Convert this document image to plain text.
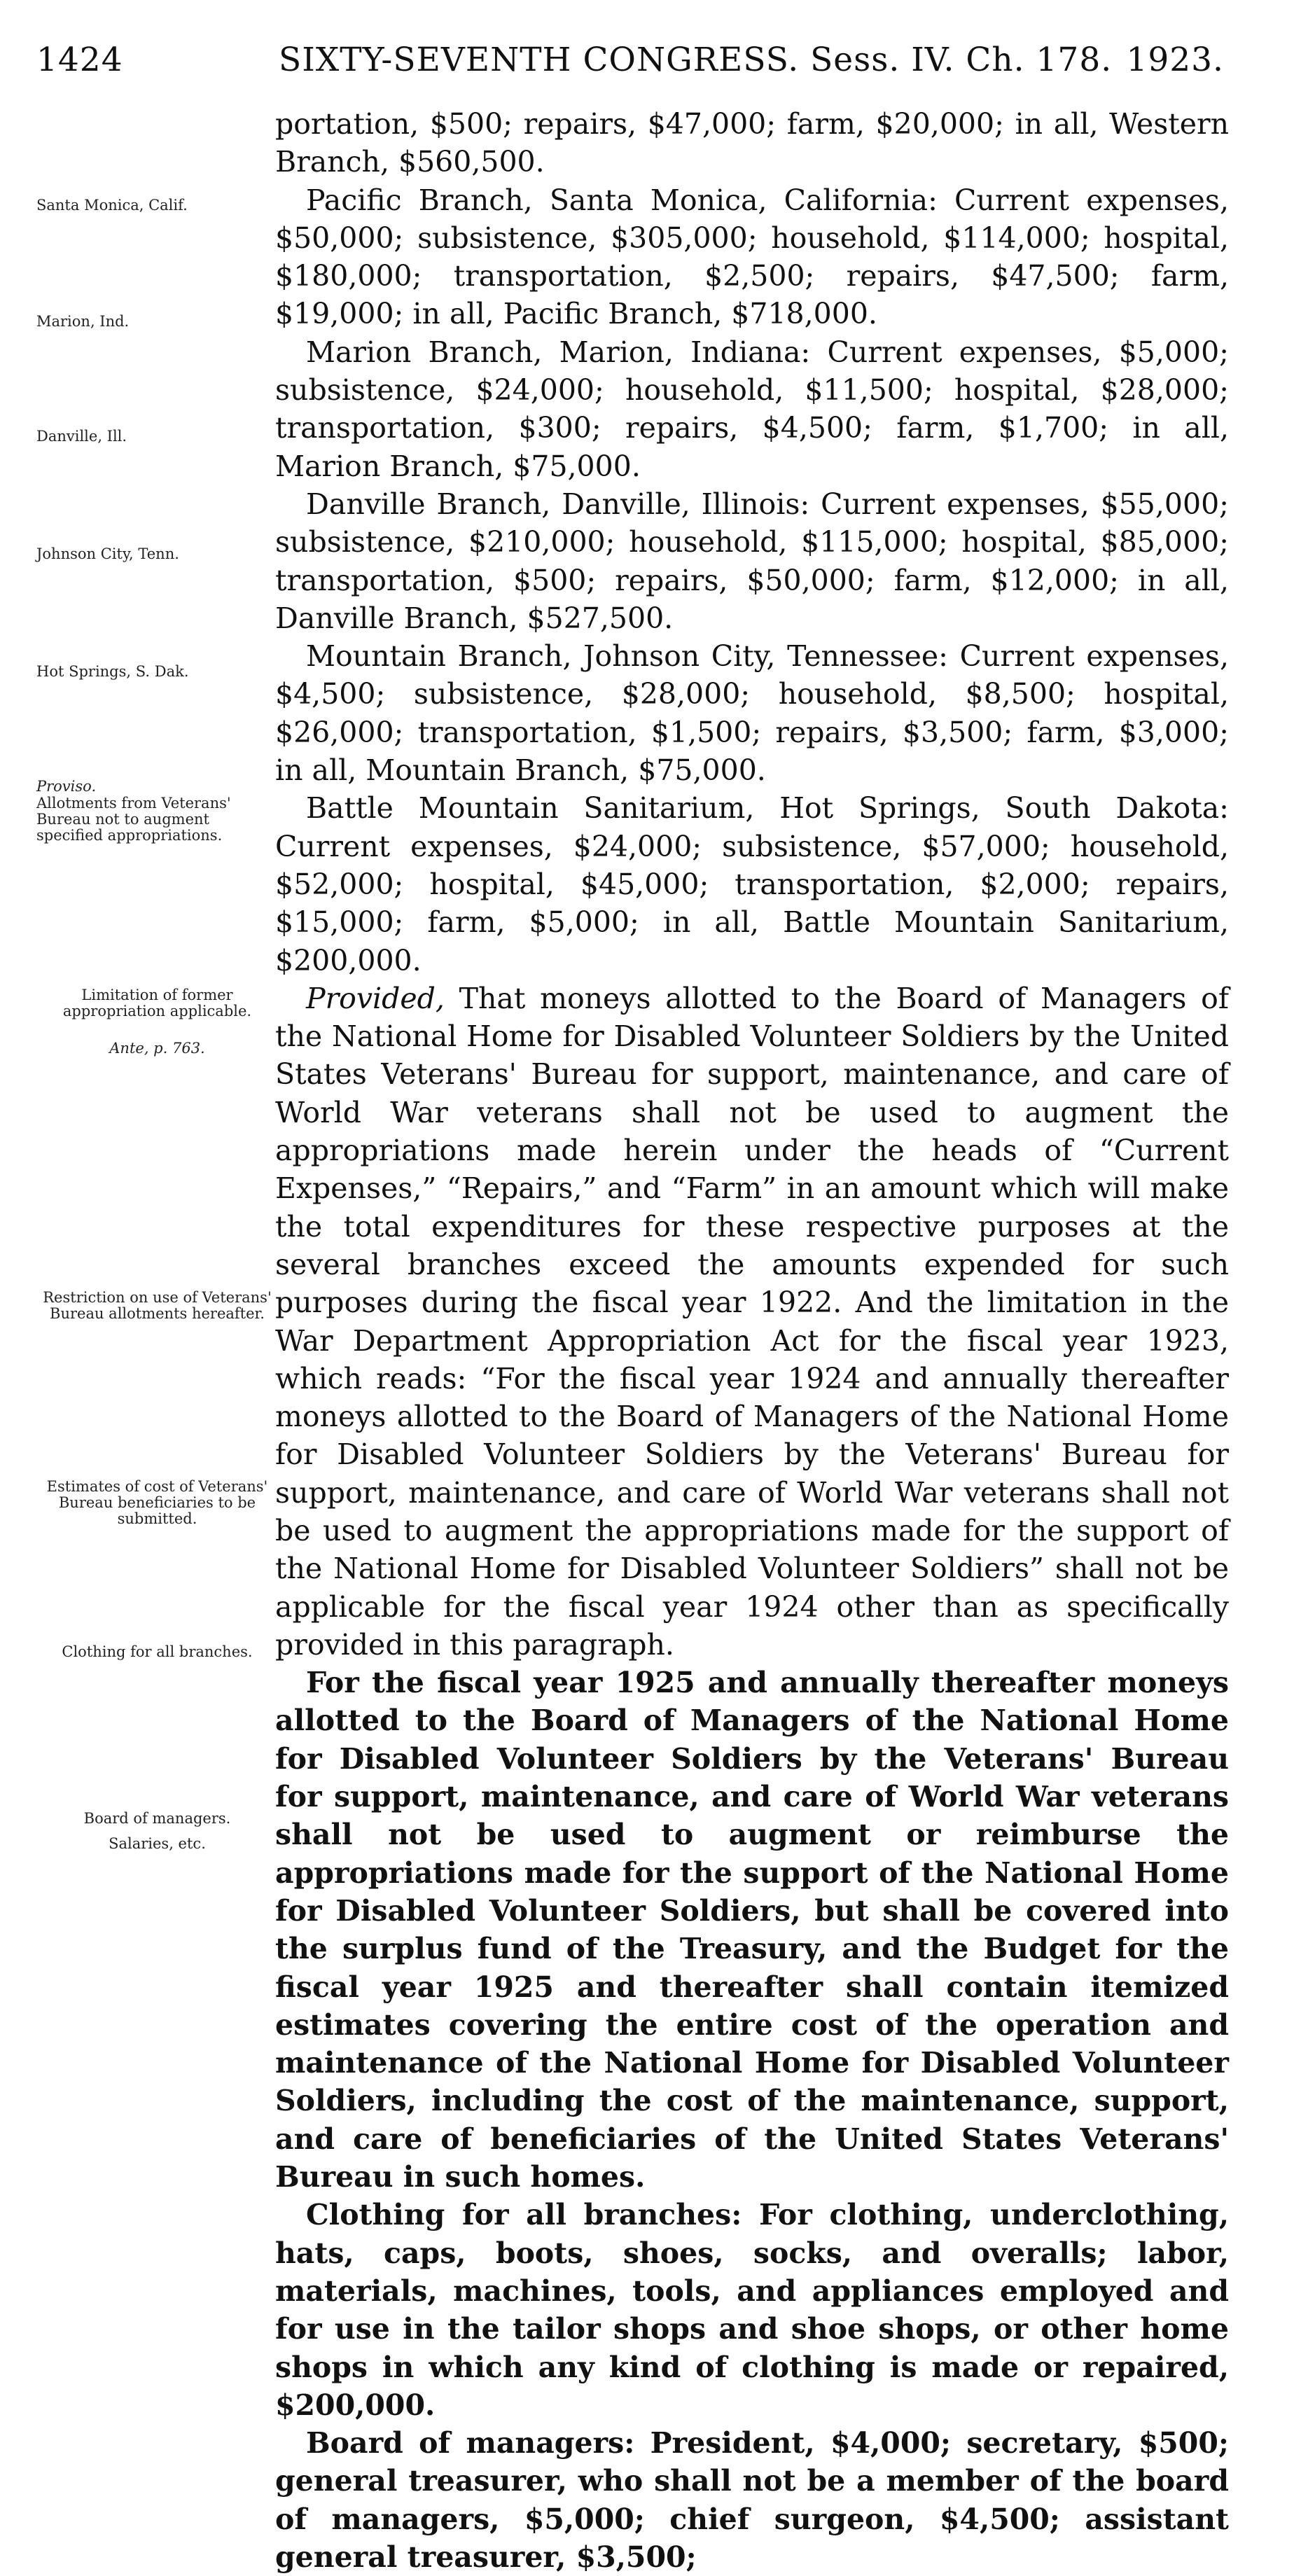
1424	SIXTY-SEVENTH CONGRESS. Sess. IV. Ch. 178. 1923.
Santa Monica, Calif.
Marion, Ind.
Danville, Ill.
Johnson City, Tenn.
Hot Springs, S. Dak.
Proviso.
Allotments from Veterans' Bureau not to augment specified appropriations.
Limitation of former appropriation applicable.
Ante, p. 763.
Restriction on use of Veterans' Bureau allotments hereafter.
Estimates of cost of Veterans' Bureau beneficiaries to be submitted.
Clothing for all branches.
Board of managers.
Salaries, etc.

portation, $500; repairs, $47,000; farm, $20,000; in all, Western Branch, $560,500.

Pacific Branch, Santa Monica, California: Current expenses, $50,000; subsistence, $305,000; household, $114,000; hospital, $180,000; transportation, $2,500; repairs, $47,500; farm, $19,000; in all, Pacific Branch, $718,000.

Marion Branch, Marion, Indiana: Current expenses, $5,000; subsistence, $24,000; household, $11,500; hospital, $28,000; transportation, $300; repairs, $4,500; farm, $1,700; in all, Marion Branch, $75,000.

Danville Branch, Danville, Illinois: Current expenses, $55,000; subsistence, $210,000; household, $115,000; hospital, $85,000; transportation, $500; repairs, $50,000; farm, $12,000; in all, Danville Branch, $527,500.

Mountain Branch, Johnson City, Tennessee: Current expenses, $4,500; subsistence, $28,000; household, $8,500; hospital, $26,000; transportation, $1,500; repairs, $3,500; farm, $3,000; in all, Mountain Branch, $75,000.

Battle Mountain Sanitarium, Hot Springs, South Dakota: Current expenses, $24,000; subsistence, $57,000; household, $52,000; hospital, $45,000; transportation, $2,000; repairs, $15,000; farm, $5,000; in all, Battle Mountain Sanitarium, $200,000.

Provided, That moneys allotted to the Board of Managers of the National Home for Disabled Volunteer Soldiers by the United States Veterans' Bureau for support, maintenance, and care of World War veterans shall not be used to augment the appropriations made herein under the heads of “Current Expenses,” “Repairs,” and “Farm” in an amount which will make the total expenditures for these respective purposes at the several branches exceed the amounts expended for such purposes during the fiscal year 1922. And the limitation in the War Department Appropriation Act for the fiscal year 1923, which reads: “For the fiscal year 1924 and annually thereafter moneys allotted to the Board of Managers of the National Home for Disabled Volunteer Soldiers by the Veterans' Bureau for support, maintenance, and care of World War veterans shall not be used to augment the appropriations made for the support of the National Home for Disabled Volunteer Soldiers” shall not be applicable for the fiscal year 1924 other than as specifically provided in this paragraph.

For the fiscal year 1925 and annually thereafter moneys allotted to the Board of Managers of the National Home for Disabled Volunteer Soldiers by the Veterans' Bureau for support, maintenance, and care of World War veterans shall not be used to augment or reimburse the appropriations made for the support of the National Home for Disabled Volunteer Soldiers, but shall be covered into the surplus fund of the Treasury, and the Budget for the fiscal year 1925 and thereafter shall contain itemized estimates covering the entire cost of the operation and maintenance of the National Home for Disabled Volunteer Soldiers, including the cost of the maintenance, support, and care of beneficiaries of the United States Veterans' Bureau in such homes.

Clothing for all branches: For clothing, underclothing, hats, caps, boots, shoes, socks, and overalls; labor, materials, machines, tools, and appliances employed and for use in the tailor shops and shoe shops, or other home shops in which any kind of clothing is made or repaired, $200,000.

Board of managers: President, $4,000; secretary, $500; general treasurer, who shall not be a member of the board of managers, $5,000; chief surgeon, $4,500; assistant general treasurer, $3,500;
